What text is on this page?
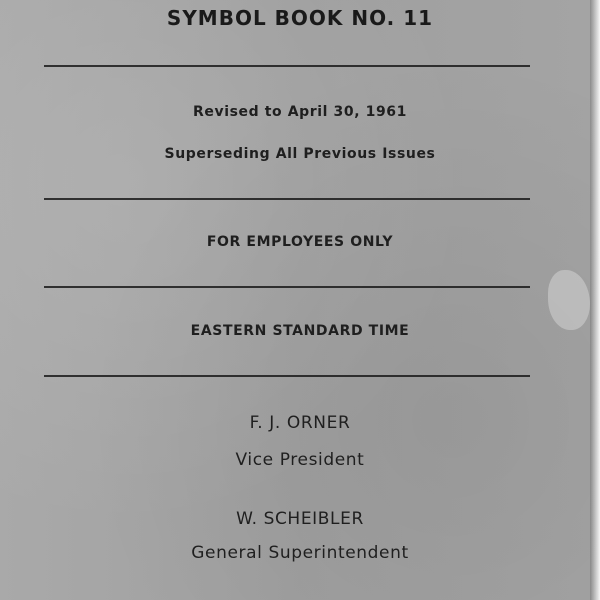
SYMBOL BOOK NO. 11
Revised to April 30, 1961
Superseding All Previous Issues
FOR EMPLOYEES ONLY
EASTERN STANDARD TIME
F. J. ORNER
Vice President
W. SCHEIBLER
General Superintendent
